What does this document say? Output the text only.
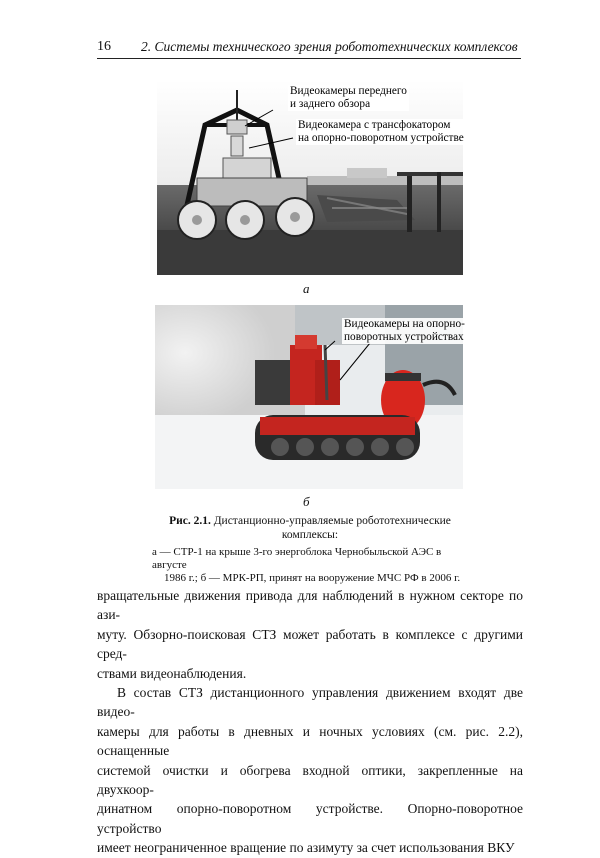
16 2. Системы технического зрения робототехнических комплексов
Видеокамеры переднего
и заднего обзора
Видеокамера с трансфокатором
на опорно-поворотном устройстве
а
Видеокамеры на опорно-
поворотных устройствах
б
Рис. 2.1. Дистанционно-управляемые робототехнические
комплексы:
а — СТР-1 на крыше 3-го энергоблока Чернобыльской АЭС в августе
1986 г.; б — МРК-РП, принят на вооружение МЧС РФ в 2006 г.

вращательные движения привода для наблюдений в нужном секторе по ази-

муту. Обзорно-поисковая СТЗ может работать в комплексе с другими сред-

ствами видеонаблюдения.

В состав СТЗ дистанционного управления движением входят две видео-

камеры для работы в дневных и ночных условиях (см. рис. 2.2), оснащенные

системой очистки и обогрева входной оптики, закрепленные на двухкоор-

динатном опорно-поворотном устройстве. Опорно-поворотное устройство

имеет неограниченное вращение по азимуту за счет использования ВКУ
